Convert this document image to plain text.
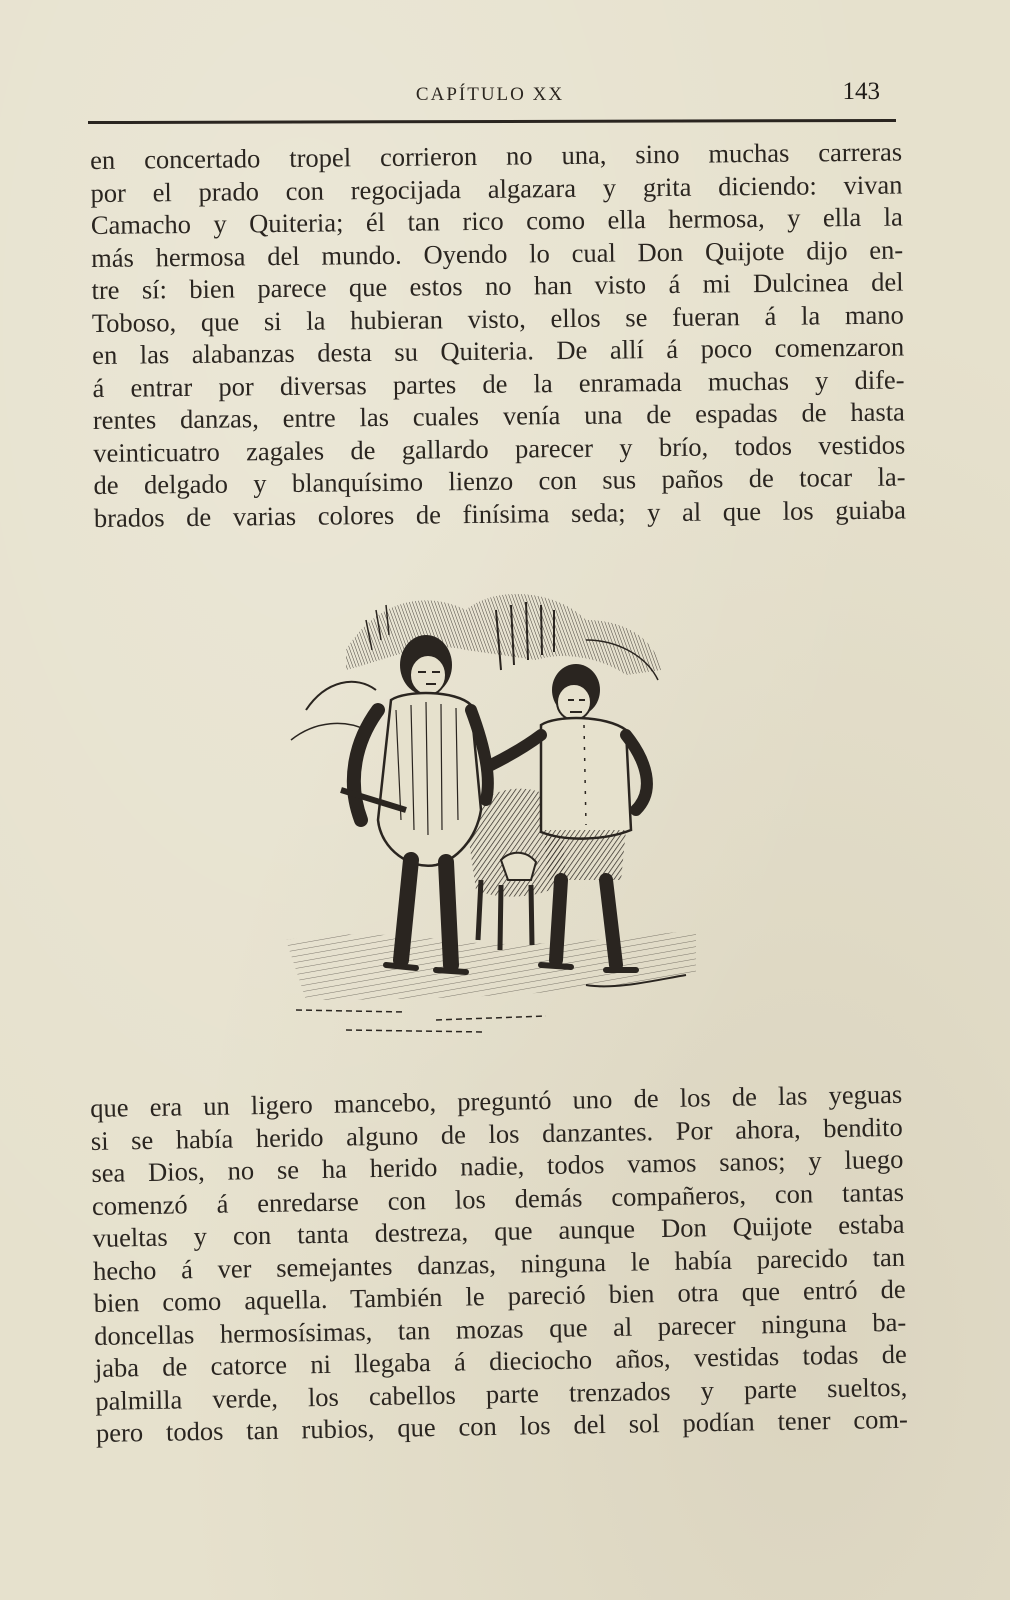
CAPÍTULO XX	143
en concertado tropel corrieron no una, sino muchas carreras
por el prado con regocijada algazara y grita diciendo: vivan
Camacho y Quiteria; él tan rico como ella hermosa, y ella la
más hermosa del mundo. Oyendo lo cual Don Quijote dijo en-
tre sí: bien parece que estos no han visto á mi Dulcinea del
Toboso, que si la hubieran visto, ellos se fueran á la mano
en las alabanzas desta su Quiteria. De allí á poco comenzaron
á entrar por diversas partes de la enramada muchas y dife-
rentes danzas, entre las cuales venía una de espadas de hasta
veinticuatro zagales de gallardo parecer y brío, todos vestidos
de delgado y blanquísimo lienzo con sus paños de tocar la-
brados de varias colores de finísima seda; y al que los guiaba
que era un ligero mancebo, preguntó uno de los de las yeguas
si se había herido alguno de los danzantes. Por ahora, bendito
sea Dios, no se ha herido nadie, todos vamos sanos; y luego
comenzó á enredarse con los demás compañeros, con tantas
vueltas y con tanta destreza, que aunque Don Quijote estaba
hecho á ver semejantes danzas, ninguna le había parecido tan
bien como aquella. También le pareció bien otra que entró de
doncellas hermosísimas, tan mozas que al parecer ninguna ba-
jaba de catorce ni llegaba á dieciocho años, vestidas todas de
palmilla verde, los cabellos parte trenzados y parte sueltos,
pero todos tan rubios, que con los del sol podían tener com-
